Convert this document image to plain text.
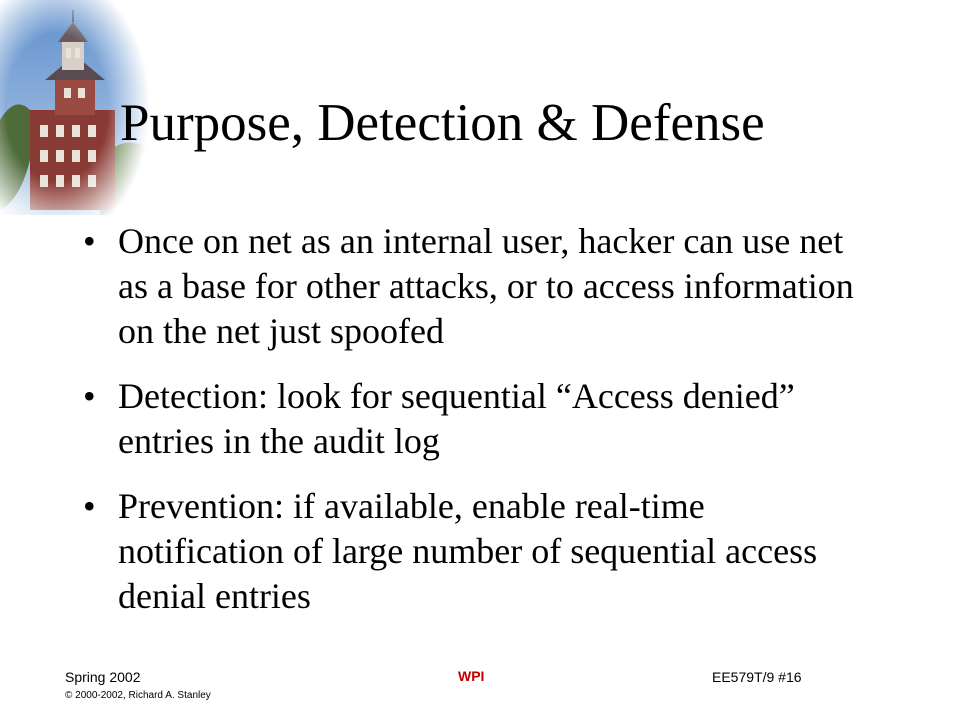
Purpose, Detection & Defense
• Once on net as an internal user, hacker can use net as a base for other attacks, or to access information on the net just spoofed
• Detection: look for sequential “Access denied” entries in the audit log
• Prevention: if available, enable real-time notification of large number of sequential access denial entries
Spring 2002
© 2000-2002, Richard A. Stanley
WPI	EE579T/9 #16
